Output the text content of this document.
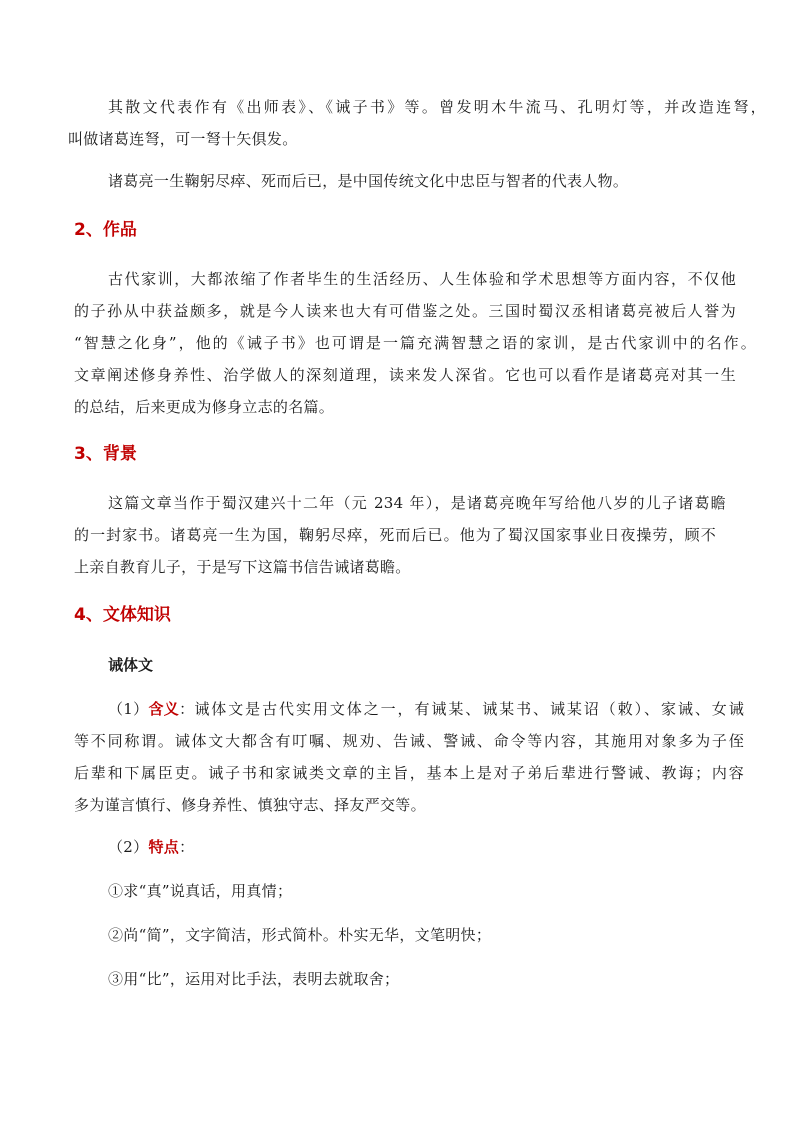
其散文代表作有《出师表》、《诫子书》等。曾发明木牛流马、孔明灯等，并改造连弩，
叫做诸葛连弩，可一弩十矢俱发。
诸葛亮一生鞠躬尽瘁、死而后已，是中国传统文化中忠臣与智者的代表人物。
2、作品
古代家训，大都浓缩了作者毕生的生活经历、人生体验和学术思想等方面内容，不仅他
的子孙从中获益颇多，就是今人读来也大有可借鉴之处。三国时蜀汉丞相诸葛亮被后人誉为
“智慧之化身”，他的《诫子书》也可谓是一篇充满智慧之语的家训，是古代家训中的名作。
文章阐述修身养性、治学做人的深刻道理，读来发人深省。它也可以看作是诸葛亮对其一生
的总结，后来更成为修身立志的名篇。
3、背景
这篇文章当作于蜀汉建兴十二年（元 234 年），是诸葛亮晚年写给他八岁的儿子诸葛瞻
的一封家书。诸葛亮一生为国，鞠躬尽瘁，死而后已。他为了蜀汉国家事业日夜操劳，顾不
上亲自教育儿子，于是写下这篇书信告诫诸葛瞻。
4、文体知识
诫体文
（1） 含义 ： 诫体文是古代实用文体之一，有诫某、诫某书、诫某诏（敕）、家诫、女诫
等不同称谓。诫体文大都含有叮嘱、规劝、告诫、警诫、命令等内容，其施用对象多为子侄
后辈和下属臣吏。诫子书和家诫类文章的主旨，基本上是对子弟后辈进行警诫、教诲；内容
多为谨言慎行、修身养性、慎独守志、择友严交等。
（2）特点：
①求“真”说真话，用真情；
②尚“简”，文字简洁，形式简朴。朴实无华，文笔明快；
③用“比”，运用对比手法，表明去就取舍；
